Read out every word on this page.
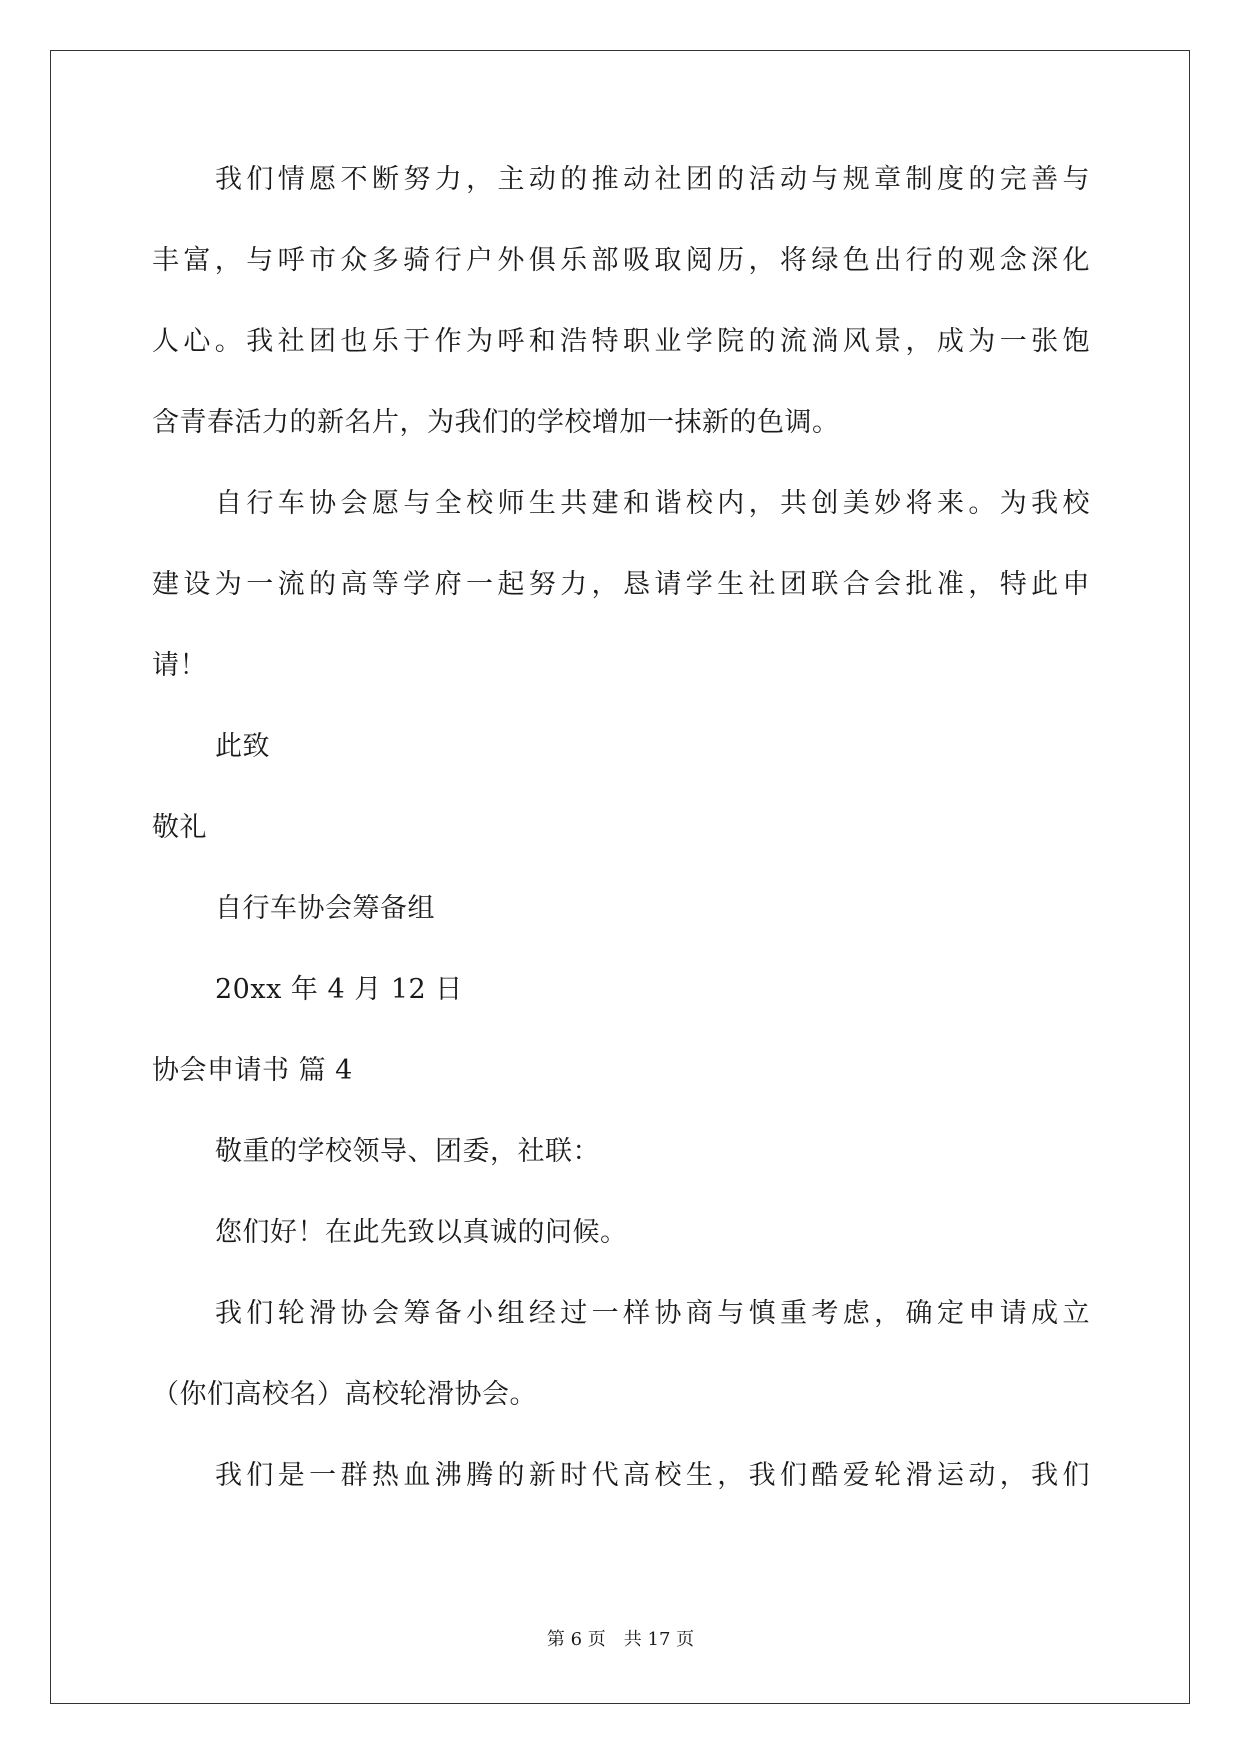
我们情愿不断努力，主动的推动社团的活动与规章制度的完善与
丰富，与呼市众多骑行户外俱乐部吸取阅历，将绿色出行的观念深化
人心。我社团也乐于作为呼和浩特职业学院的流淌风景，成为一张饱
含青春活力的新名片，为我们的学校增加一抹新的色调。
自行车协会愿与全校师生共建和谐校内，共创美妙将来。为我校
建设为一流的高等学府一起努力，恳请学生社团联合会批准，特此申
请！
此致
敬礼
自行车协会筹备组
20xx 年 4 月 12 日
协会申请书 篇 4
敬重的学校领导、团委，社联：
您们好！在此先致以真诚的问候。
我们轮滑协会筹备小组经过一样协商与慎重考虑，确定申请成立
（你们高校名）高校轮滑协会。
我们是一群热血沸腾的新时代高校生，我们酷爱轮滑运动，我们
第 6 页 共 17 页
